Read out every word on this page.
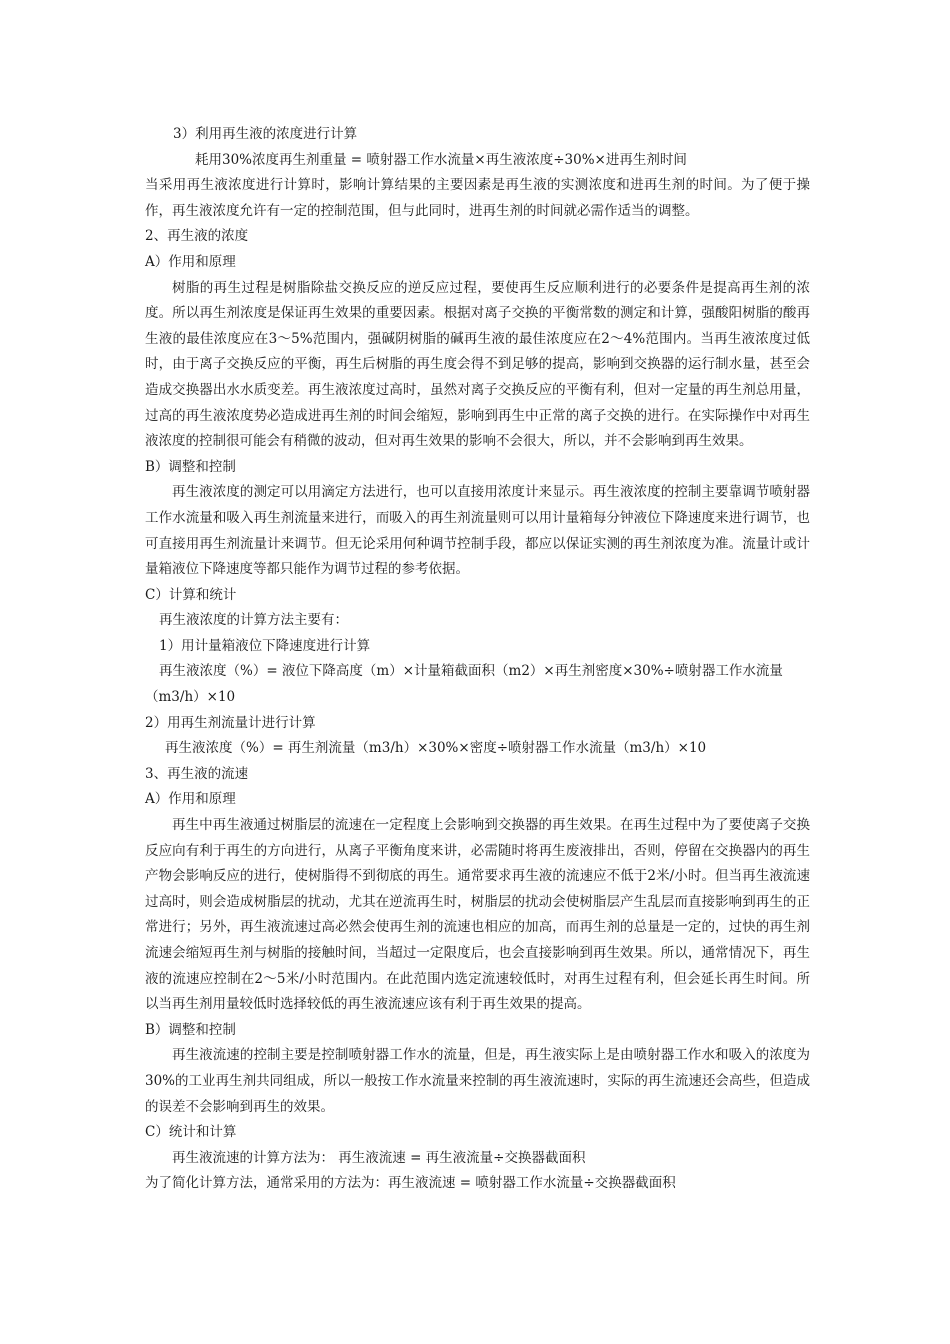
3）利用再生液的浓度进行计算

耗用30%浓度再生剂重量 = 喷射器工作水流量×再生液浓度÷30%×进再生剂时间

当采用再生液浓度进行计算时，影响计算结果的主要因素是再生液的实测浓度和进再生剂的时间。为了便于操作，再生液浓度允许有一定的控制范围，但与此同时，进再生剂的时间就必需作适当的调整。

2、再生液的浓度

A）作用和原理

树脂的再生过程是树脂除盐交换反应的逆反应过程，要使再生反应顺利进行的必要条件是提高再生剂的浓度。所以再生剂浓度是保证再生效果的重要因素。根据对离子交换的平衡常数的测定和计算，强酸阳树脂的酸再生液的最佳浓度应在3～5%范围内，强碱阴树脂的碱再生液的最佳浓度应在2～4%范围内。当再生液浓度过低时，由于离子交换反应的平衡，再生后树脂的再生度会得不到足够的提高，影响到交换器的运行制水量，甚至会造成交换器出水水质变差。再生液浓度过高时，虽然对离子交换反应的平衡有利，但对一定量的再生剂总用量，过高的再生液浓度势必造成进再生剂的时间会缩短，影响到再生中正常的离子交换的进行。在实际操作中对再生液浓度的控制很可能会有稍微的波动，但对再生效果的影响不会很大，所以，并不会影响到再生效果。

B）调整和控制

再生液浓度的测定可以用滴定方法进行，也可以直接用浓度计来显示。再生液浓度的控制主要靠调节喷射器工作水流量和吸入再生剂流量来进行，而吸入的再生剂流量则可以用计量箱每分钟液位下降速度来进行调节，也可直接用再生剂流量计来调节。但无论采用何种调节控制手段，都应以保证实测的再生剂浓度为准。流量计或计量箱液位下降速度等都只能作为调节过程的参考依据。

C）计算和统计

再生液浓度的计算方法主要有：

1）用计量箱液位下降速度进行计算

再生液浓度（%）= 液位下降高度（m）×计量箱截面积（m2）×再生剂密度×30%÷喷射器工作水流量

（m3/h）×10

2）用再生剂流量计进行计算

再生液浓度（%）= 再生剂流量（m3/h）×30%×密度÷喷射器工作水流量（m3/h）×10

3、再生液的流速

A）作用和原理

再生中再生液通过树脂层的流速在一定程度上会影响到交换器的再生效果。在再生过程中为了要使离子交换反应向有利于再生的方向进行，从离子平衡角度来讲，必需随时将再生废液排出，否则，停留在交换器内的再生产物会影响反应的进行，使树脂得不到彻底的再生。通常要求再生液的流速应不低于2米/小时。但当再生液流速过高时，则会造成树脂层的扰动，尤其在逆流再生时，树脂层的扰动会使树脂层产生乱层而直接影响到再生的正常进行；另外，再生液流速过高必然会使再生剂的流速也相应的加高，而再生剂的总量是一定的，过快的再生剂流速会缩短再生剂与树脂的接触时间，当超过一定限度后，也会直接影响到再生效果。所以，通常情况下，再生液的流速应控制在2～5米/小时范围内。在此范围内选定流速较低时，对再生过程有利，但会延长再生时间。所以当再生剂用量较低时选择较低的再生液流速应该有利于再生效果的提高。

B）调整和控制

再生液流速的控制主要是控制喷射器工作水的流量，但是，再生液实际上是由喷射器工作水和吸入的浓度为30%的工业再生剂共同组成，所以一般按工作水流量来控制的再生液流速时，实际的再生流速还会高些，但造成的误差不会影响到再生的效果。

C）统计和计算

再生液流速的计算方法为： 再生液流速 = 再生液流量÷交换器截面积

为了简化计算方法，通常采用的方法为：再生液流速 = 喷射器工作水流量÷交换器截面积
